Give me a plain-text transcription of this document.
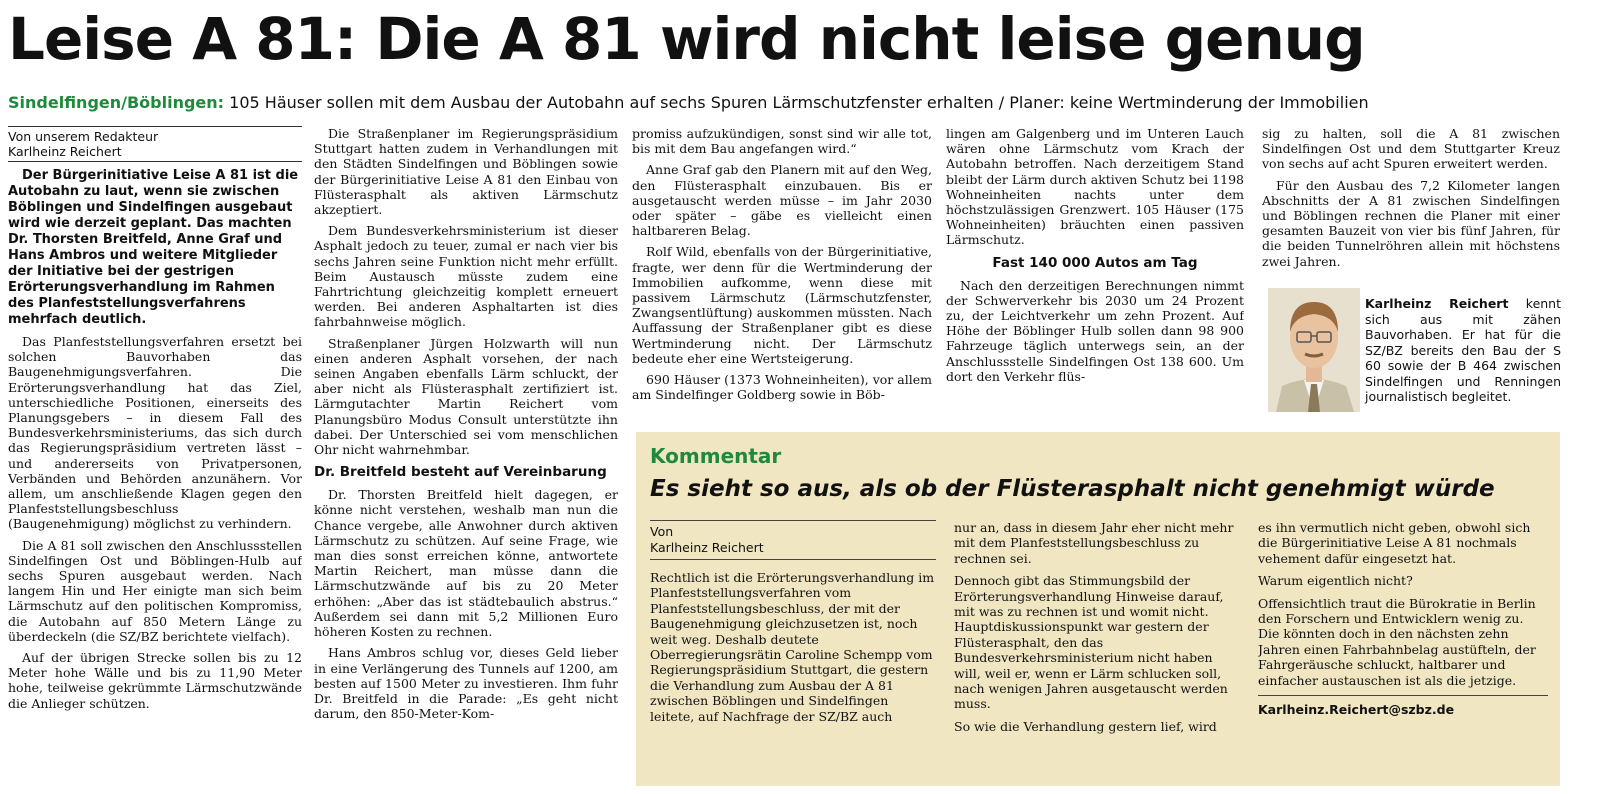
Leise A 81: Die A 81 wird nicht leise genug
Sindelfingen/Böblingen: 105 Häuser sollen mit dem Ausbau der Autobahn auf sechs Spuren Lärmschutzfenster erhalten / Planer: keine Wertminderung der Immobilien
Von unserem Redakteur
Karlheinz Reichert

Der Bürgerinitiative Leise A 81 ist die Autobahn zu laut, wenn sie zwischen Böblingen und Sindelfingen ausgebaut wird wie derzeit geplant. Das machten Dr. Thorsten Breitfeld, Anne Graf und Hans Ambros und weitere Mitglieder der Initiative bei der gestrigen Erörterungsverhandlung im Rahmen des Planfeststellungsverfahrens mehrfach deutlich.

Das Planfeststellungsverfahren ersetzt bei solchen Bauvorhaben das Baugenehmigungsverfahren. Die Erörterungsverhandlung hat das Ziel, unterschiedliche Positionen, einerseits des Planungsgebers – in diesem Fall des Bundesverkehrsministeriums, das sich durch das Regierungspräsidium vertreten lässt – und andererseits von Privatpersonen, Verbänden und Behörden anzunähern. Vor allem, um anschließende Klagen gegen den Planfeststellungsbeschluss (Baugenehmigung) möglichst zu verhindern.

Die A 81 soll zwischen den Anschlussstellen Sindelfingen Ost und Böblingen-Hulb auf sechs Spuren ausgebaut werden. Nach langem Hin und Her einigte man sich beim Lärmschutz auf den politischen Kompromiss, die Autobahn auf 850 Metern Länge zu überdeckeln (die SZ/BZ berichtete vielfach).

Auf der übrigen Strecke sollen bis zu 12 Meter hohe Wälle und bis zu 11,90 Meter hohe, teilweise gekrümmte Lärmschutzwände die Anlieger schützen.

Die Straßenplaner im Regierungspräsidium Stuttgart hatten zudem in Verhandlungen mit den Städten Sindelfingen und Böblingen sowie der Bürgerinitiative Leise A 81 den Einbau von Flüsterasphalt als aktiven Lärmschutz akzeptiert.

Dem Bundesverkehrsministerium ist dieser Asphalt jedoch zu teuer, zumal er nach vier bis sechs Jahren seine Funktion nicht mehr erfüllt. Beim Austausch müsste zudem eine Fahrtrichtung gleichzeitig komplett erneuert werden. Bei anderen Asphaltarten ist dies fahrbahnweise möglich.

Straßenplaner Jürgen Holzwarth will nun einen anderen Asphalt vorsehen, der nach seinen Angaben ebenfalls Lärm schluckt, der aber nicht als Flüsterasphalt zertifiziert ist. Lärmgutachter Martin Reichert vom Planungsbüro Modus Consult unterstützte ihn dabei. Der Unterschied sei vom menschlichen Ohr nicht wahrnehmbar.

Dr. Breitfeld besteht auf Vereinbarung

Dr. Thorsten Breitfeld hielt dagegen, er könne nicht verstehen, weshalb man nun die Chance vergebe, alle Anwohner durch aktiven Lärmschutz zu schützen. Auf seine Frage, wie man dies sonst erreichen könne, antwortete Martin Reichert, man müsse dann die Lärmschutzwände auf bis zu 20 Meter erhöhen: „Aber das ist städtebaulich abstrus.“ Außerdem sei dann mit 5,2 Millionen Euro höheren Kosten zu rechnen.

Hans Ambros schlug vor, dieses Geld lieber in eine Verlängerung des Tunnels auf 1200, am besten auf 1500 Meter zu investieren. Ihm fuhr Dr. Breitfeld in die Parade: „Es geht nicht darum, den 850-Meter-Kom-

promiss aufzukündigen, sonst sind wir alle tot, bis mit dem Bau angefangen wird.“

Anne Graf gab den Planern mit auf den Weg, den Flüsterasphalt einzubauen. Bis er ausgetauscht werden müsse – im Jahr 2030 oder später – gäbe es vielleicht einen haltbareren Belag.

Rolf Wild, ebenfalls von der Bürgerinitiative, fragte, wer denn für die Wertminderung der Immobilien aufkomme, wenn diese mit passivem Lärmschutz (Lärmschutzfenster, Zwangsentlüftung) auskommen müssten. Nach Auffassung der Straßenplaner gibt es diese Wertminderung nicht. Der Lärmschutz bedeute eher eine Wertsteigerung.

690 Häuser (1373 Wohneinheiten), vor allem am Sindelfinger Goldberg sowie in Böb-

lingen am Galgenberg und im Unteren Lauch wären ohne Lärmschutz vom Krach der Autobahn betroffen. Nach derzeitigem Stand bleibt der Lärm durch aktiven Schutz bei 1198 Wohneinheiten nachts unter dem höchstzulässigen Grenzwert. 105 Häuser (175 Wohneinheiten) bräuchten einen passiven Lärmschutz.

Fast 140 000 Autos am Tag

Nach den derzeitigen Berechnungen nimmt der Schwerverkehr bis 2030 um 24 Prozent zu, der Leichtverkehr um zehn Prozent. Auf Höhe der Böblinger Hulb sollen dann 98 900 Fahrzeuge täglich unterwegs sein, an der Anschlussstelle Sindelfingen Ost 138 600. Um dort den Verkehr flüs-

sig zu halten, soll die A 81 zwischen Sindelfingen Ost und dem Stuttgarter Kreuz von sechs auf acht Spuren erweitert werden.

Für den Ausbau des 7,2 Kilometer langen Abschnitts der A 81 zwischen Sindelfingen und Böblingen rechnen die Planer mit einer gesamten Bauzeit von vier bis fünf Jahren, für die beiden Tunnelröhren allein mit höchstens zwei Jahren.

Karlheinz Reichert kennt sich aus mit zähen Bauvorhaben. Er hat für die SZ/BZ bereits den Bau der S 60 sowie der B 464 zwischen Sindelfingen und Renningen journalistisch begleitet.
Kommentar
Es sieht so aus, als ob der Flüsterasphalt nicht genehmigt würde
Von
Karlheinz Reichert

Rechtlich ist die Erörterungsverhandlung im Planfeststellungsverfahren vom Planfeststellungsbeschluss, der mit der Baugenehmigung gleichzusetzen ist, noch weit weg. Deshalb deutete Oberregierungsrätin Caroline Schempp vom Regierungspräsidium Stuttgart, die gestern die Verhandlung zum Ausbau der A 81 zwischen Böblingen und Sindelfingen leitete, auf Nachfrage der SZ/BZ auch

nur an, dass in diesem Jahr eher nicht mehr mit dem Planfeststellungsbeschluss zu rechnen sei.

Dennoch gibt das Stimmungsbild der Erörterungsverhandlung Hinweise darauf, mit was zu rechnen ist und womit nicht. Hauptdiskussionspunkt war gestern der Flüsterasphalt, den das Bundesverkehrsministerium nicht haben will, weil er, wenn er Lärm schlucken soll, nach wenigen Jahren ausgetauscht werden muss.

So wie die Verhandlung gestern lief, wird

es ihn vermutlich nicht geben, obwohl sich die Bürgerinitiative Leise A 81 nochmals vehement dafür eingesetzt hat.

Warum eigentlich nicht?

Offensichtlich traut die Bürokratie in Berlin den Forschern und Entwicklern wenig zu. Die könnten doch in den nächsten zehn Jahren einen Fahrbahnbelag austüfteln, der Fahrgeräusche schluckt, haltbarer und einfacher austauschen ist als die jetzige.

Karlheinz.Reichert@szbz.de
